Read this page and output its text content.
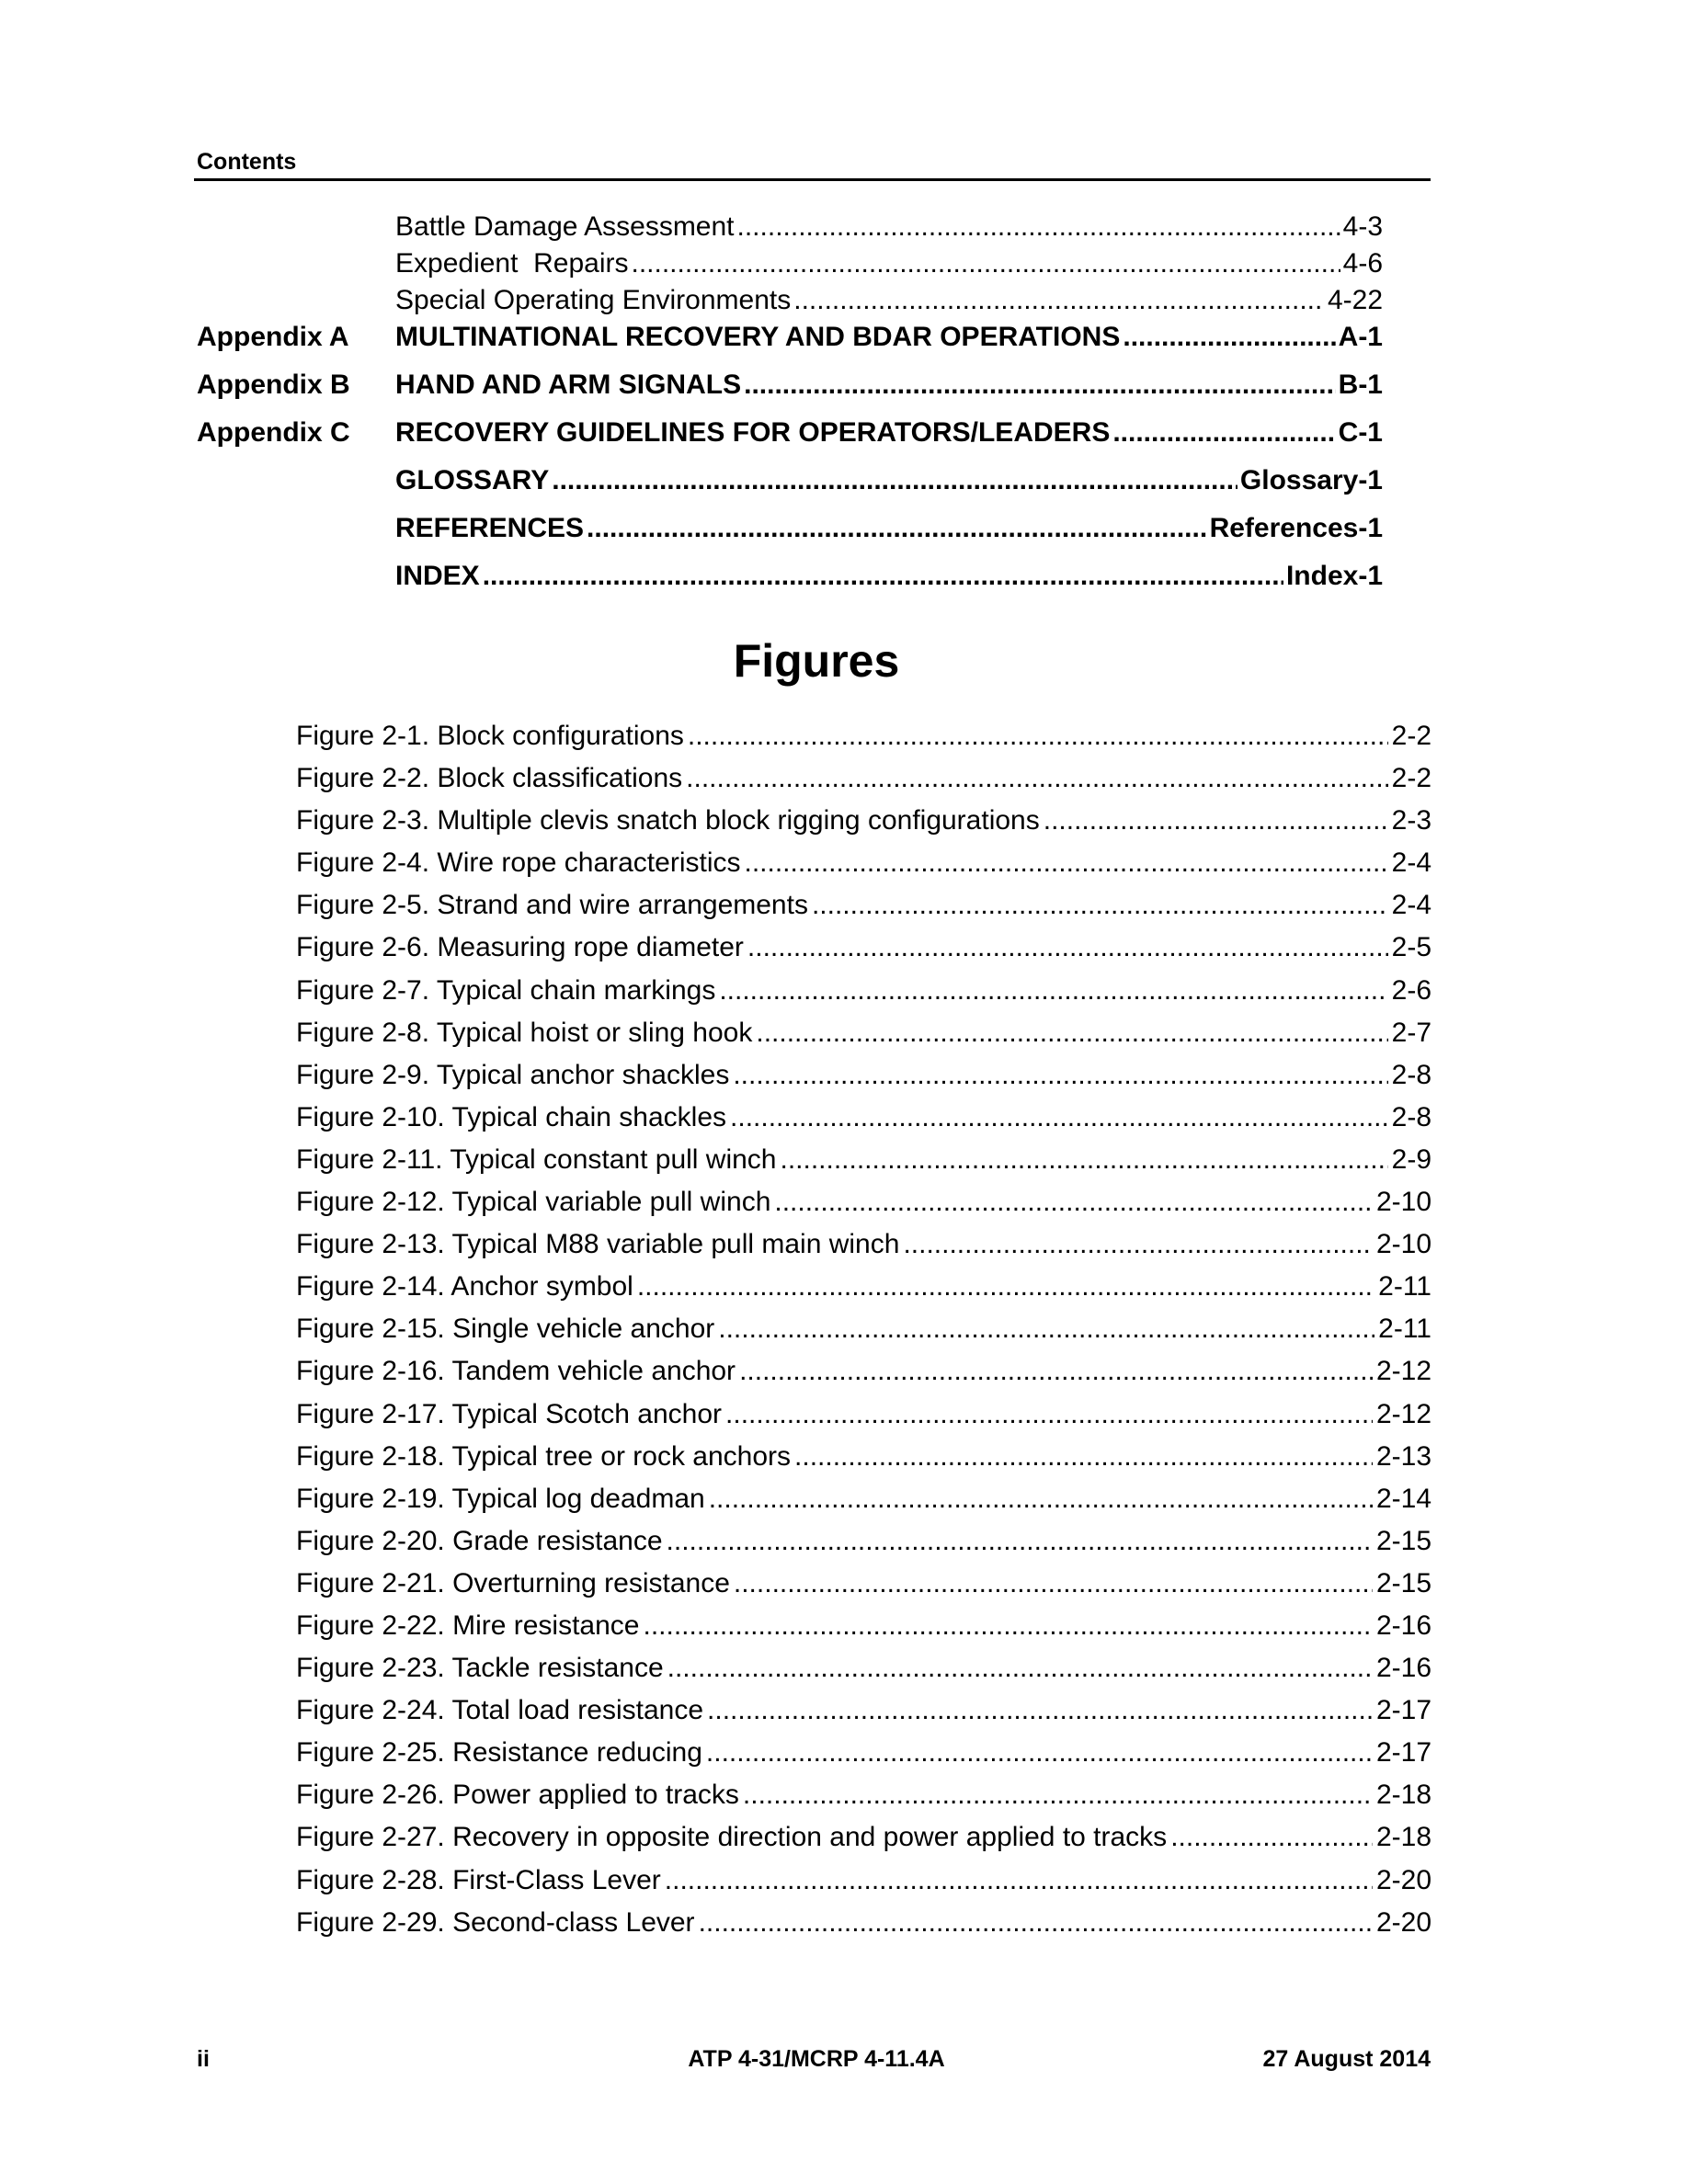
Contents
Battle Damage Assessment .....	4-3
Expedient  Repairs .....	4-6
Special Operating Environments .....	4-22
Appendix A	MULTINATIONAL RECOVERY AND BDAR OPERATIONS .....	A-1
Appendix B	HAND AND ARM SIGNALS .....	B-1
Appendix C	RECOVERY GUIDELINES FOR OPERATORS/LEADERS .....	C-1
GLOSSARY .....	Glossary-1
REFERENCES .....	References-1
INDEX .....	Index-1
Figures
Figure 2-1. Block configurations .....	2-2
Figure 2-2. Block classifications .....	2-2
Figure 2-3. Multiple clevis snatch block rigging configurations .....	2-3
Figure 2-4. Wire rope characteristics .....	2-4
Figure 2-5. Strand and wire arrangements .....	2-4
Figure 2-6. Measuring rope diameter .....	2-5
Figure 2-7. Typical chain markings .....	2-6
Figure 2-8. Typical hoist or sling hook .....	2-7
Figure 2-9. Typical anchor shackles .....	2-8
Figure 2-10. Typical chain shackles .....	2-8
Figure 2-11. Typical constant pull winch .....	2-9
Figure 2-12. Typical variable pull winch .....	2-10
Figure 2-13. Typical M88 variable pull main winch .....	2-10
Figure 2-14. Anchor symbol .....	2-11
Figure 2-15. Single vehicle anchor .....	2-11
Figure 2-16. Tandem vehicle anchor .....	2-12
Figure 2-17. Typical Scotch anchor .....	2-12
Figure 2-18. Typical tree or rock anchors .....	2-13
Figure 2-19. Typical log deadman .....	2-14
Figure 2-20. Grade resistance .....	2-15
Figure 2-21. Overturning resistance .....	2-15
Figure 2-22. Mire resistance .....	2-16
Figure 2-23. Tackle resistance .....	2-16
Figure 2-24. Total load resistance .....	2-17
Figure 2-25. Resistance reducing .....	2-17
Figure 2-26. Power applied to tracks .....	2-18
Figure 2-27. Recovery in opposite direction and power applied to tracks .....	2-18
Figure 2-28. First-Class Lever .....	2-20
Figure 2-29. Second-class Lever .....	2-20
ii	ATP 4-31/MCRP 4-11.4A	27 August 2014
